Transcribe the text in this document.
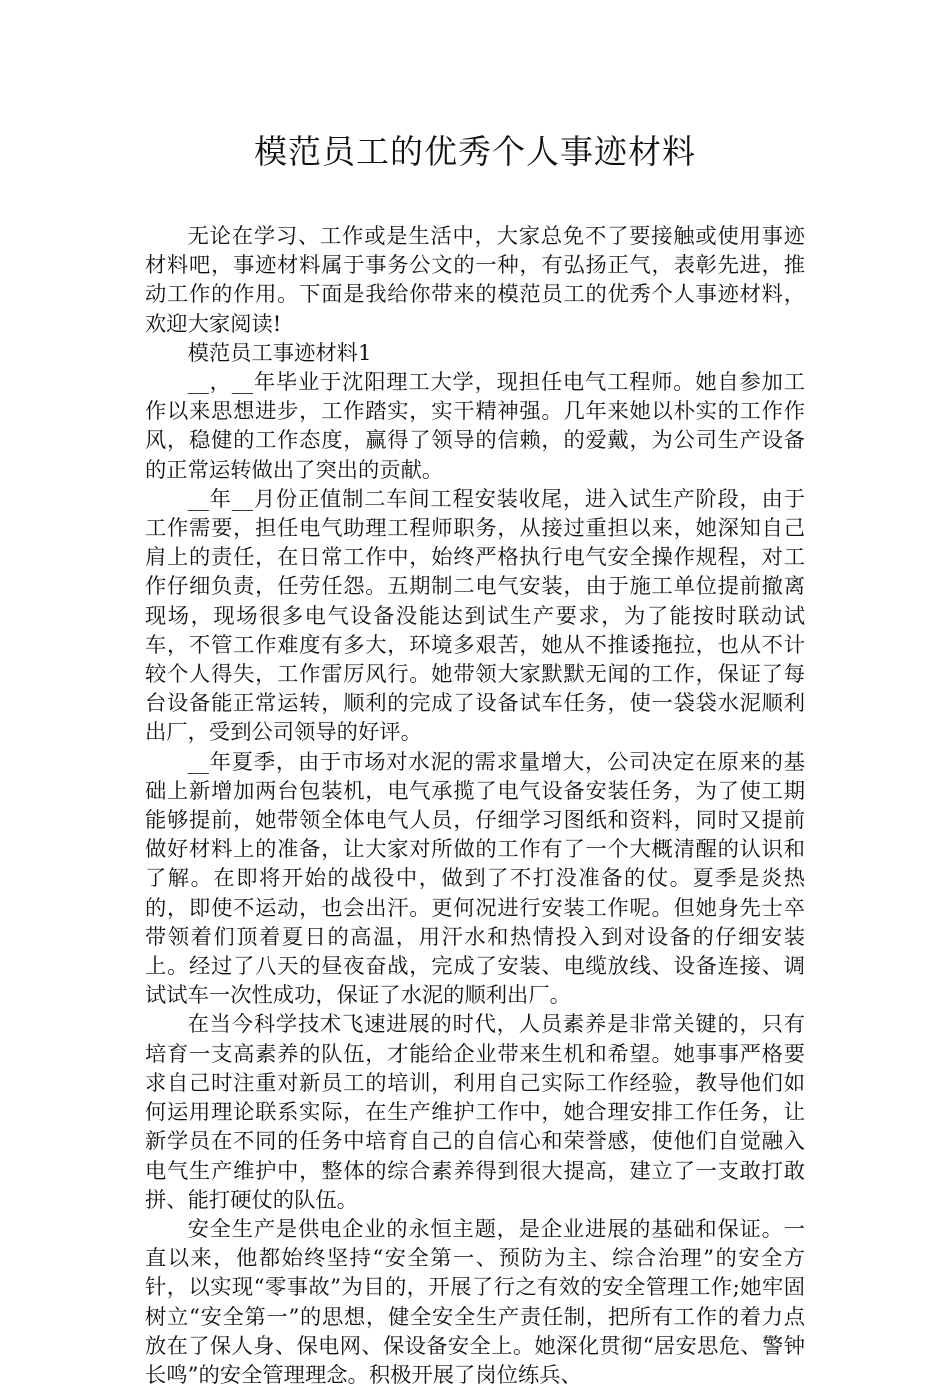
模范员工的优秀个人事迹材料

无论在学习、工作或是生活中，大家总免不了要接触或使用事迹材料吧，事迹材料属于事务公文的一种，有弘扬正气，表彰先进，推动工作的作用。下面是我给你带来的模范员工的优秀个人事迹材料，欢迎大家阅读!

模范员工事迹材料1

__，__年毕业于沈阳理工大学，现担任电气工程师。她自参加工作以来思想进步，工作踏实，实干精神强。几年来她以朴实的工作作风，稳健的工作态度，赢得了领导的信赖，的爱戴，为公司生产设备的正常运转做出了突出的贡献。

__年__月份正值制二车间工程安装收尾，进入试生产阶段，由于工作需要，担任电气助理工程师职务，从接过重担以来，她深知自己肩上的责任，在日常工作中，始终严格执行电气安全操作规程，对工作仔细负责，任劳任怨。五期制二电气安装，由于施工单位提前撤离现场，现场很多电气设备没能达到试生产要求，为了能按时联动试车，不管工作难度有多大，环境多艰苦，她从不推诿拖拉，也从不计较个人得失，工作雷厉风行。她带领大家默默无闻的工作，保证了每台设备能正常运转，顺利的完成了设备试车任务，使一袋袋水泥顺利出厂，受到公司领导的好评。

__年夏季，由于市场对水泥的需求量增大，公司决定在原来的基础上新增加两台包装机，电气承揽了电气设备安装任务，为了使工期能够提前，她带领全体电气人员，仔细学习图纸和资料，同时又提前做好材料上的准备，让大家对所做的工作有了一个大概清醒的认识和了解。在即将开始的战役中，做到了不打没准备的仗。夏季是炎热的，即使不运动，也会出汗。更何况进行安装工作呢。但她身先士卒带领着们顶着夏日的高温，用汗水和热情投入到对设备的仔细安装上。经过了八天的昼夜奋战，完成了安装、电缆放线、设备连接、调试试车一次性成功，保证了水泥的顺利出厂。

在当今科学技术飞速进展的时代，人员素养是非常关键的，只有培育一支高素养的队伍，才能给企业带来生机和希望。她事事严格要求自己时注重对新员工的培训，利用自己实际工作经验，教导他们如何运用理论联系实际，在生产维护工作中，她合理安排工作任务，让新学员在不同的任务中培育自己的自信心和荣誉感，使他们自觉融入电气生产维护中，整体的综合素养得到很大提高，建立了一支敢打敢拼、能打硬仗的队伍。

安全生产是供电企业的永恒主题，是企业进展的基础和保证。一直以来，他都始终坚持“安全第一、预防为主、综合治理”的安全方针，以实现“零事故”为目的，开展了行之有效的安全管理工作;她牢固树立“安全第一”的思想，健全安全生产责任制，把所有工作的着力点放在了保人身、保电网、保设备安全上。她深化贯彻“居安思危、警钟长鸣”的安全管理理念。积极开展了岗位练兵、
